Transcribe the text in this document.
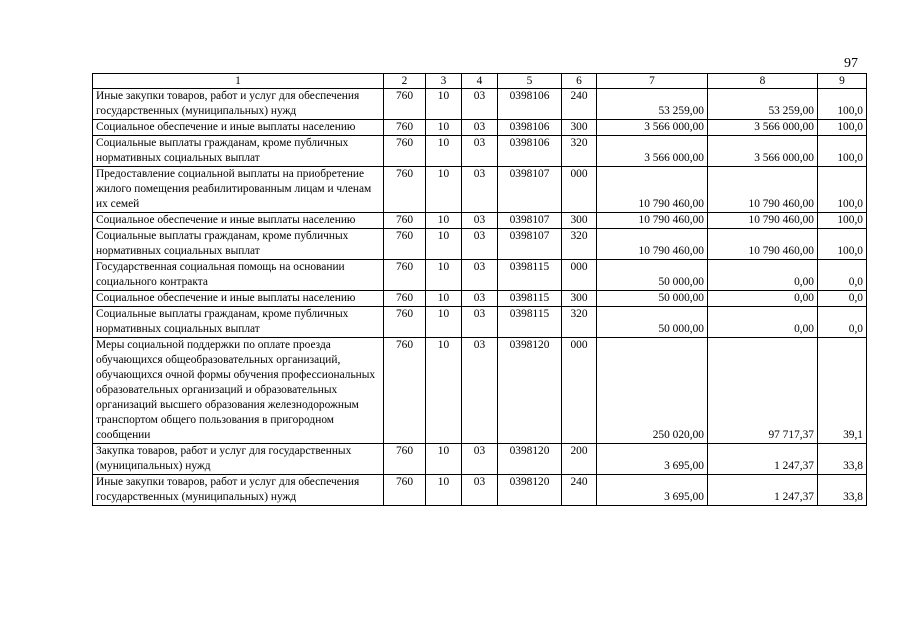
97
1	2	3	4	5	6	7	8	9
Иные закупки товаров, работ и услуг для обеспечения государственных (муниципальных) нужд	760	10	03	0398106	240	53 259,00	53 259,00	100,0
Социальное обеспечение и иные выплаты населению	760	10	03	0398106	300	3 566 000,00	3 566 000,00	100,0
Социальные выплаты гражданам, кроме публичных нормативных социальных выплат	760	10	03	0398106	320	3 566 000,00	3 566 000,00	100,0
Предоставление социальной выплаты на приобретение жилого помещения реабилитированным лицам и членам их семей	760	10	03	0398107	000	10 790 460,00	10 790 460,00	100,0
Социальное обеспечение и иные выплаты населению	760	10	03	0398107	300	10 790 460,00	10 790 460,00	100,0
Социальные выплаты гражданам, кроме публичных нормативных социальных выплат	760	10	03	0398107	320	10 790 460,00	10 790 460,00	100,0
Государственная социальная помощь на основании социального контракта	760	10	03	0398115	000	50 000,00	0,00	0,0
Социальное обеспечение и иные выплаты населению	760	10	03	0398115	300	50 000,00	0,00	0,0
Социальные выплаты гражданам, кроме публичных нормативных социальных выплат	760	10	03	0398115	320	50 000,00	0,00	0,0
Меры социальной поддержки по оплате проезда обучающихся общеобразовательных организаций, обучающихся очной формы обучения профессиональных образовательных организаций и образовательных организаций высшего образования железнодорожным транспортом общего пользования в пригородном сообщении	760	10	03	0398120	000	250 020,00	97 717,37	39,1
Закупка товаров, работ и услуг для государственных (муниципальных) нужд	760	10	03	0398120	200	3 695,00	1 247,37	33,8
Иные закупки товаров, работ и услуг для обеспечения государственных (муниципальных) нужд	760	10	03	0398120	240	3 695,00	1 247,37	33,8
